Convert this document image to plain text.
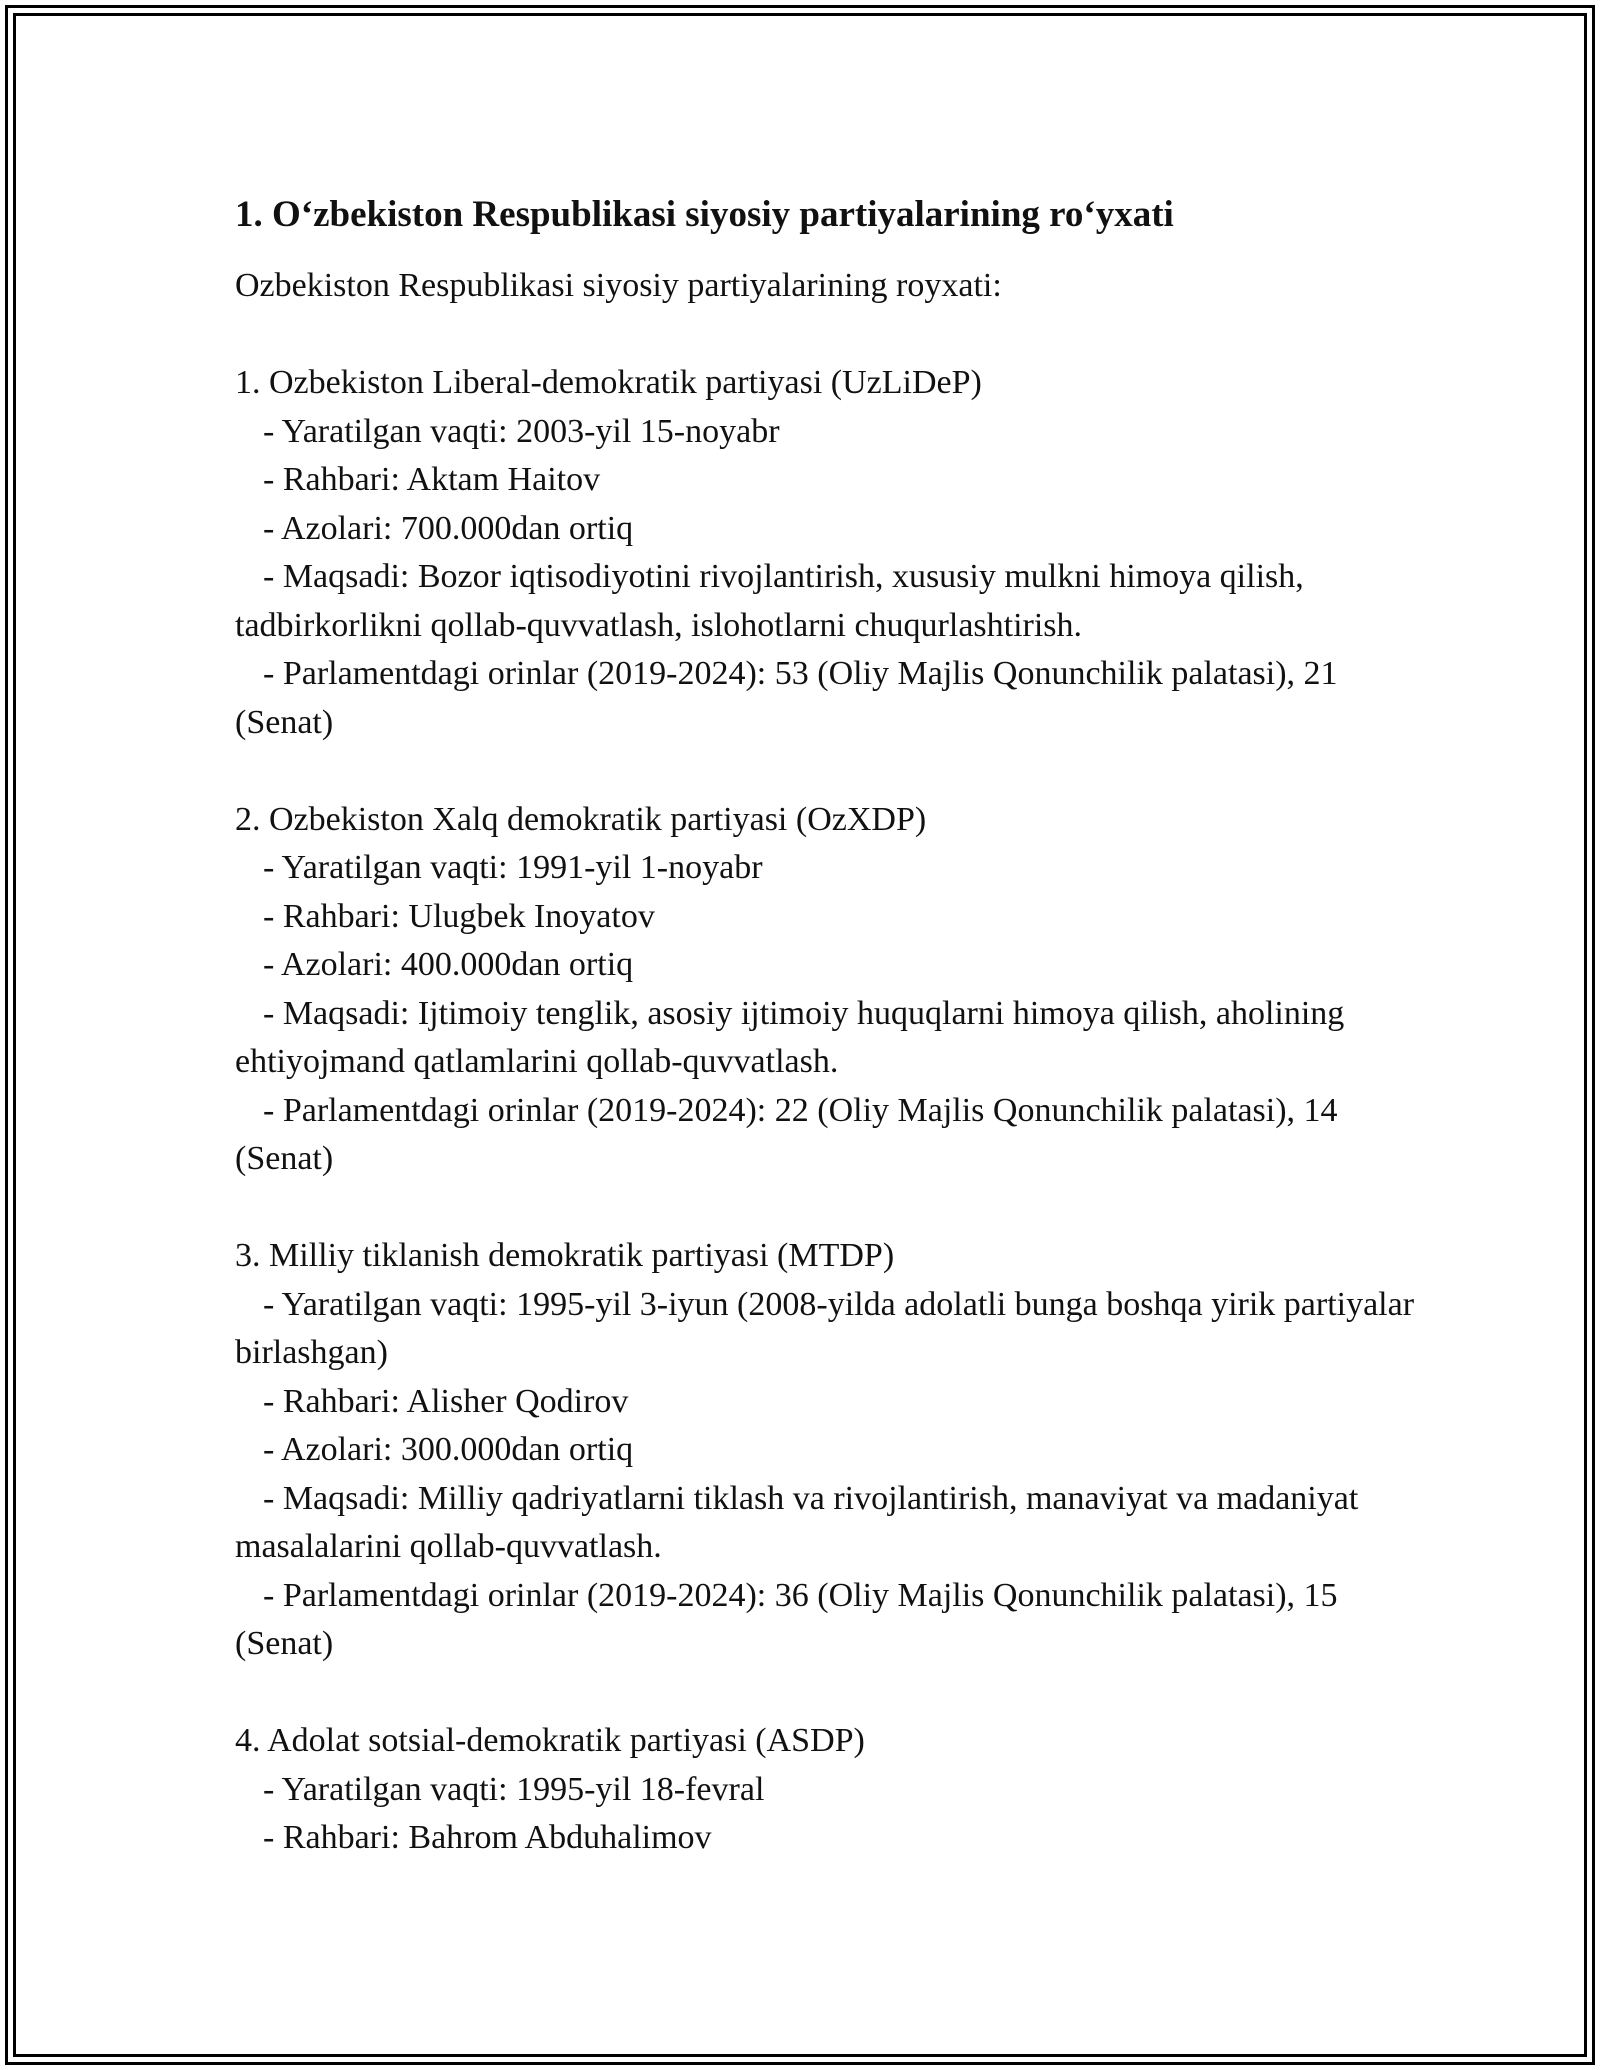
1. O‘zbekiston Respublikasi siyosiy partiyalarining ro‘yxati

Ozbekiston Respublikasi siyosiy partiyalarining royxati:

1. Ozbekiston Liberal-demokratik partiyasi (UzLiDeP)
- Yaratilgan vaqti: 2003-yil 15-noyabr
- Rahbari: Aktam Haitov
- Azolari: 700.000dan ortiq
- Maqsadi: Bozor iqtisodiyotini rivojlantirish, xususiy mulkni himoya qilish, tadbirkorlikni qollab-quvvatlash, islohotlarni chuqurlashtirish.
- Parlamentdagi orinlar (2019-2024): 53 (Oliy Majlis Qonunchilik palatasi), 21 (Senat)
2. Ozbekiston Xalq demokratik partiyasi (OzXDP)
- Yaratilgan vaqti: 1991-yil 1-noyabr
- Rahbari: Ulugbek Inoyatov
- Azolari: 400.000dan ortiq
- Maqsadi: Ijtimoiy tenglik, asosiy ijtimoiy huquqlarni himoya qilish, aholining ehtiyojmand qatlamlarini qollab-quvvatlash.
- Parlamentdagi orinlar (2019-2024): 22 (Oliy Majlis Qonunchilik palatasi), 14 (Senat)
3. Milliy tiklanish demokratik partiyasi (MTDP)
- Yaratilgan vaqti: 1995-yil 3-iyun (2008-yilda adolatli bunga boshqa yirik partiyalar birlashgan)
- Rahbari: Alisher Qodirov
- Azolari: 300.000dan ortiq
- Maqsadi: Milliy qadriyatlarni tiklash va rivojlantirish, manaviyat va madaniyat masalalarini qollab-quvvatlash.
- Parlamentdagi orinlar (2019-2024): 36 (Oliy Majlis Qonunchilik palatasi), 15 (Senat)
4. Adolat sotsial-demokratik partiyasi (ASDP)
- Yaratilgan vaqti: 1995-yil 18-fevral
- Rahbari: Bahrom Abduhalimov
